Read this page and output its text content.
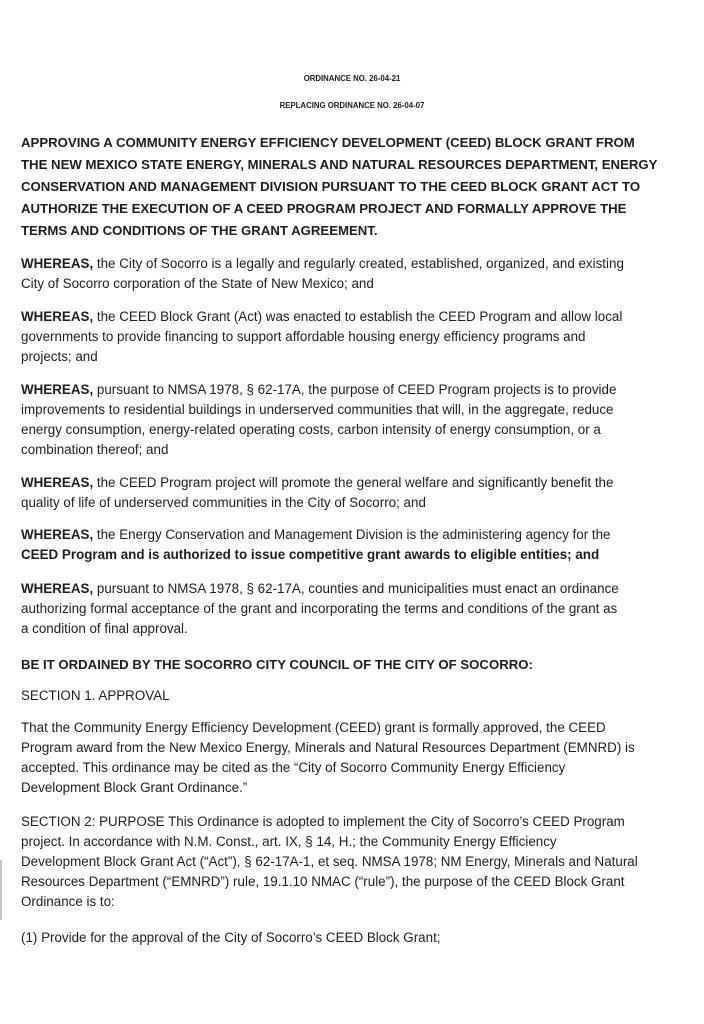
ORDINANCE NO. 26-04-21
REPLACING ORDINANCE NO. 26-04-07
APPROVING A COMMUNITY ENERGY EFFICIENCY DEVELOPMENT (CEED) BLOCK GRANT FROM
THE NEW MEXICO STATE ENERGY, MINERALS AND NATURAL RESOURCES DEPARTMENT, ENERGY
CONSERVATION AND MANAGEMENT DIVISION PURSUANT TO THE CEED BLOCK GRANT ACT TO
AUTHORIZE THE EXECUTION OF A CEED PROGRAM PROJECT AND FORMALLY APPROVE THE
TERMS AND CONDITIONS OF THE GRANT AGREEMENT.
WHEREAS, the City of Socorro is a legally and regularly created, established, organized, and existing
City of Socorro corporation of the State of New Mexico; and
WHEREAS, the CEED Block Grant (Act) was enacted to establish the CEED Program and allow local
governments to provide financing to support affordable housing energy efficiency programs and
projects; and
WHEREAS, pursuant to NMSA 1978, § 62-17A, the purpose of CEED Program projects is to provide
improvements to residential buildings in underserved communities that will, in the aggregate, reduce
energy consumption, energy-related operating costs, carbon intensity of energy consumption, or a
combination thereof; and
WHEREAS, the CEED Program project will promote the general welfare and significantly benefit the
quality of life of underserved communities in the City of Socorro; and
WHEREAS, the Energy Conservation and Management Division is the administering agency for the
CEED Program and is authorized to issue competitive grant awards to eligible entities; and
WHEREAS, pursuant to NMSA 1978, § 62-17A, counties and municipalities must enact an ordinance
authorizing formal acceptance of the grant and incorporating the terms and conditions of the grant as
a condition of final approval.
BE IT ORDAINED BY THE SOCORRO CITY COUNCIL OF THE CITY OF SOCORRO:
SECTION 1. APPROVAL
That the Community Energy Efficiency Development (CEED) grant is formally approved, the CEED
Program award from the New Mexico Energy, Minerals and Natural Resources Department (EMNRD) is
accepted. This ordinance may be cited as the “City of Socorro Community Energy Efficiency
Development Block Grant Ordinance.”
SECTION 2: PURPOSE This Ordinance is adopted to implement the City of Socorro’s CEED Program
project. In accordance with N.M. Const., art. IX, § 14, H.; the Community Energy Efficiency
Development Block Grant Act (“Act”), § 62-17A-1, et seq. NMSA 1978; NM Energy, Minerals and Natural
Resources Department (“EMNRD”) rule, 19.1.10 NMAC (“rule”), the purpose of the CEED Block Grant
Ordinance is to:
(1) Provide for the approval of the City of Socorro’s CEED Block Grant;
